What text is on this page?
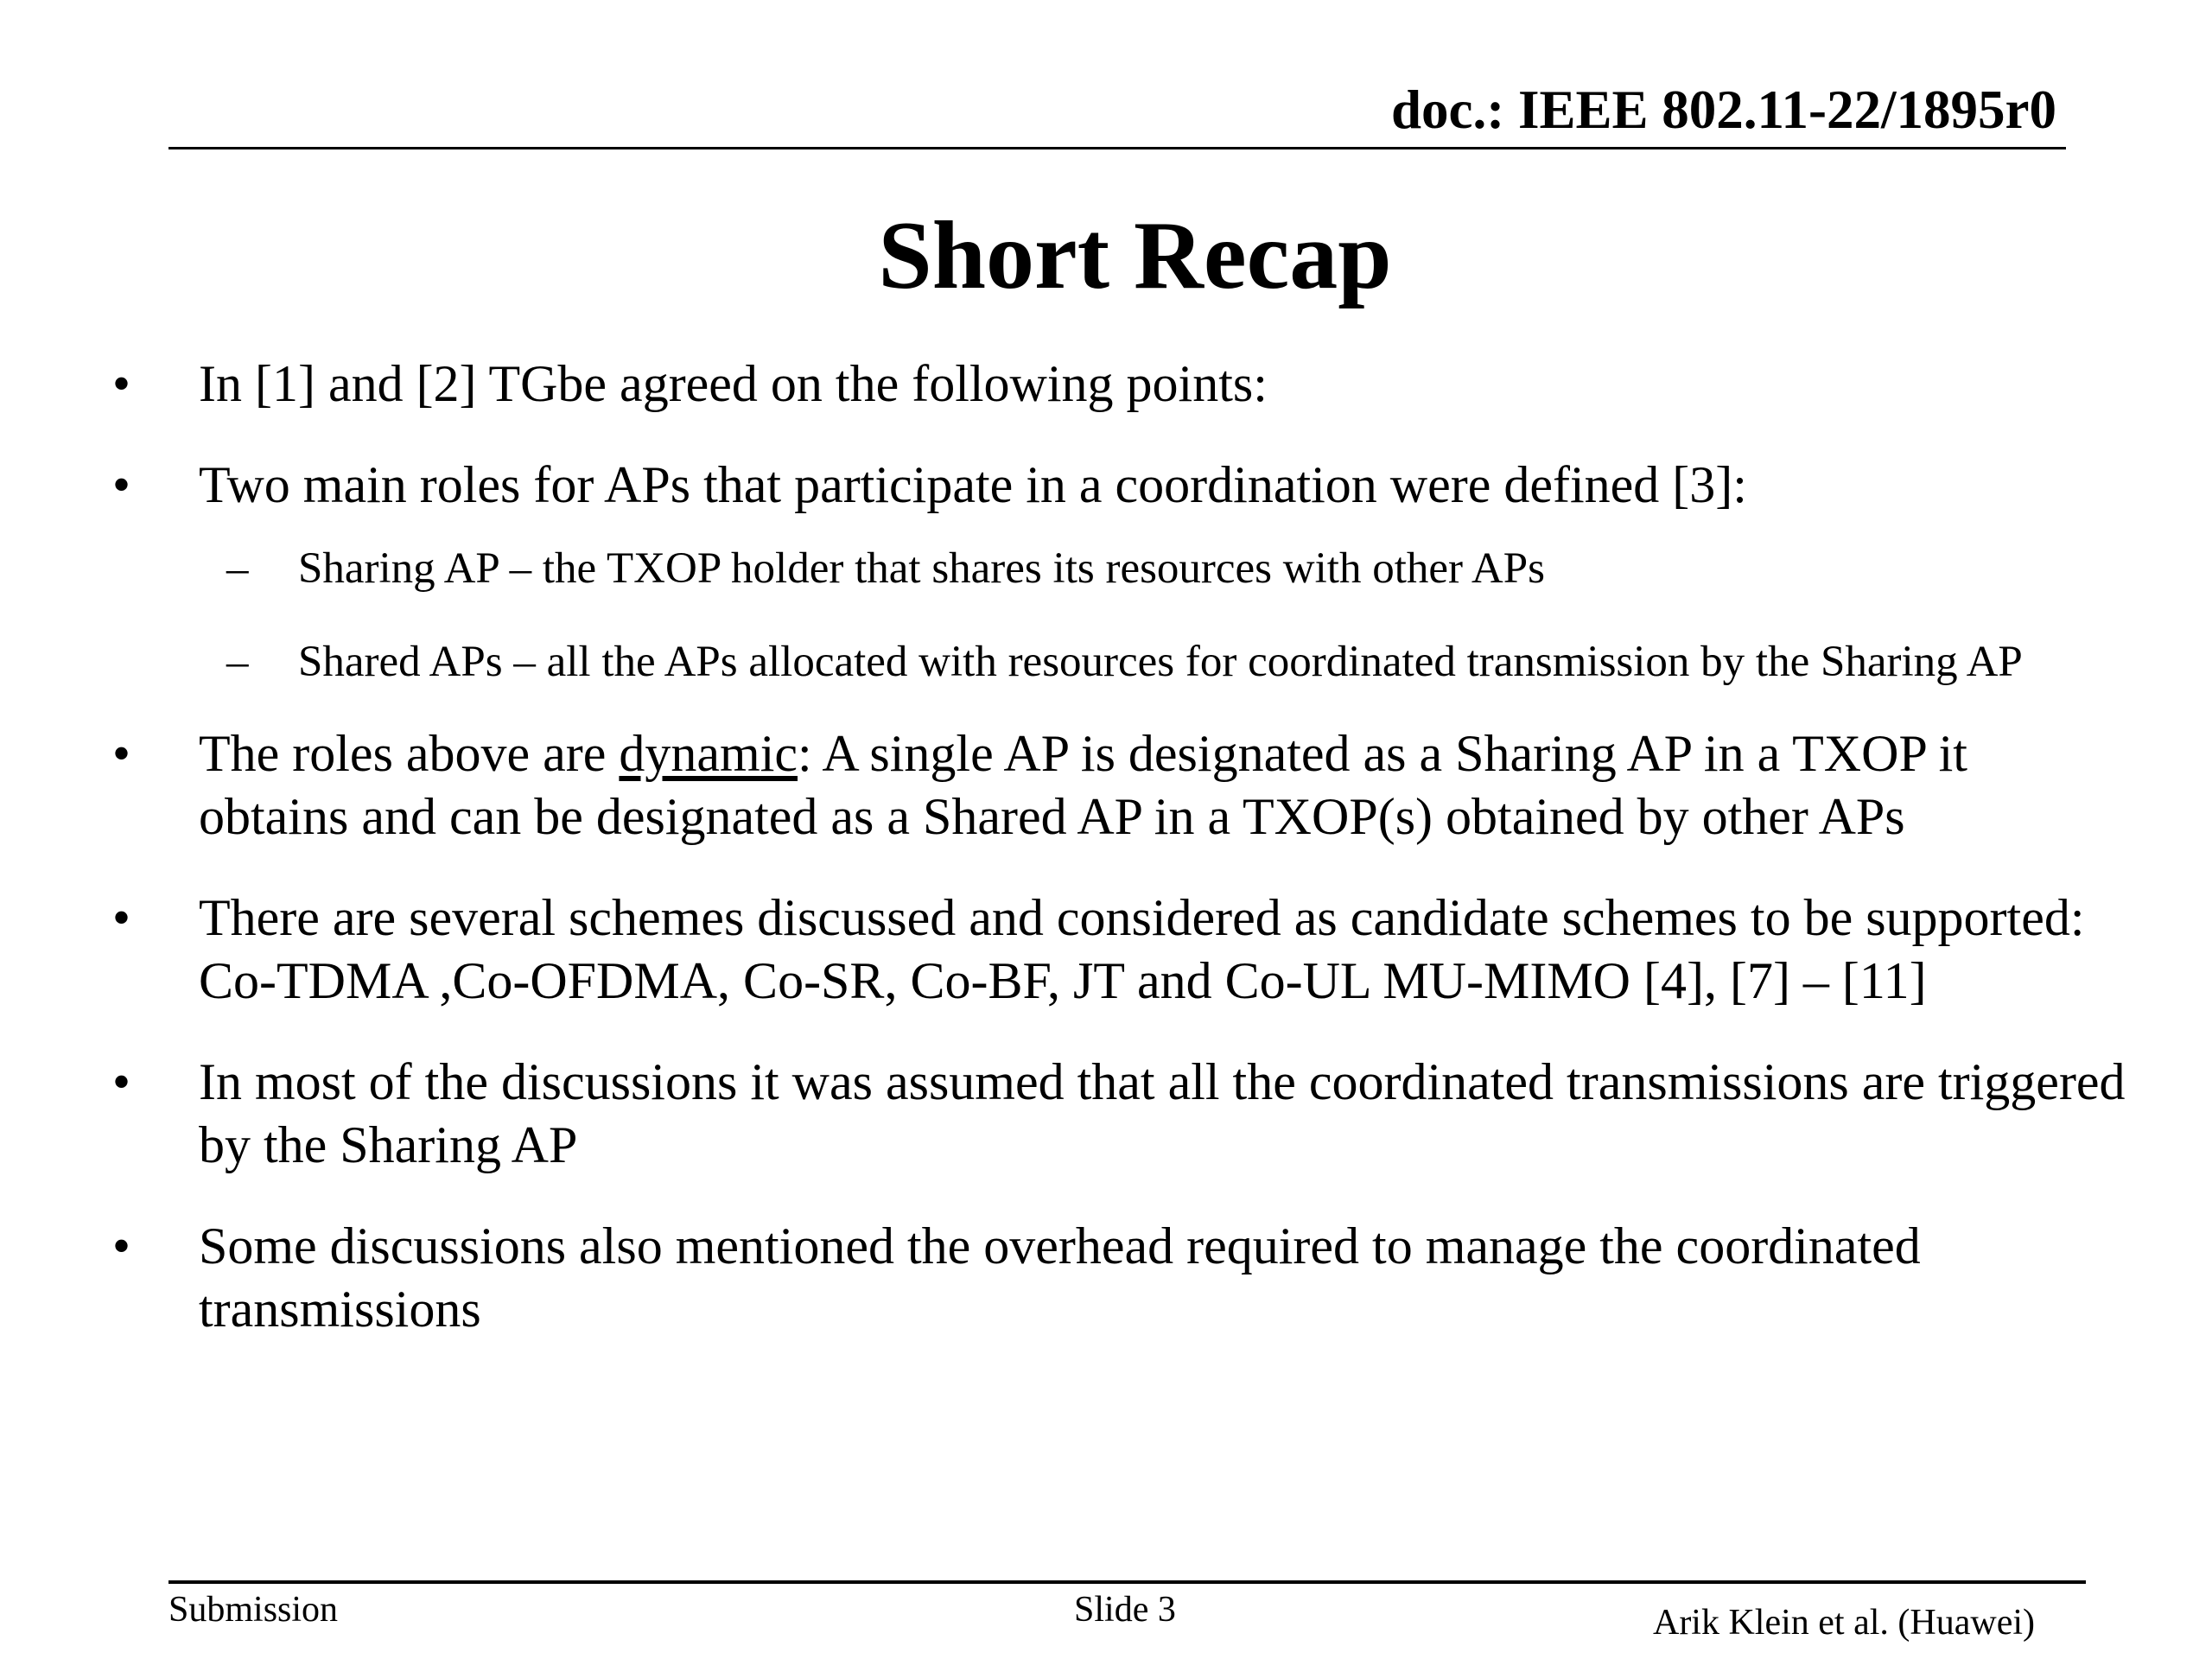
doc.: IEEE 802.11-22/1895r0
Short Recap
• In [1] and [2] TGbe agreed on the following points:
• Two main roles for APs that participate in a coordination were defined [3]:
– Sharing AP – the TXOP holder that shares its resources with other APs
– Shared APs – all the APs allocated with resources for coordinated transmission by the Sharing AP
• The roles above are dynamic: A single AP is designated as a Sharing AP in a TXOP it obtains and can be designated as a Shared AP in a TXOP(s) obtained by other APs
• There are several schemes discussed and considered as candidate schemes to be supported: Co-TDMA ,Co-OFDMA, Co-SR, Co-BF, JT and Co-UL MU-MIMO [4], [7] – [11]
• In most of the discussions it was assumed that all the coordinated transmissions are triggered by the Sharing AP
• Some discussions also mentioned the overhead required to manage the coordinated transmissions
Submission	Slide 3	Arik Klein et al. (Huawei)
